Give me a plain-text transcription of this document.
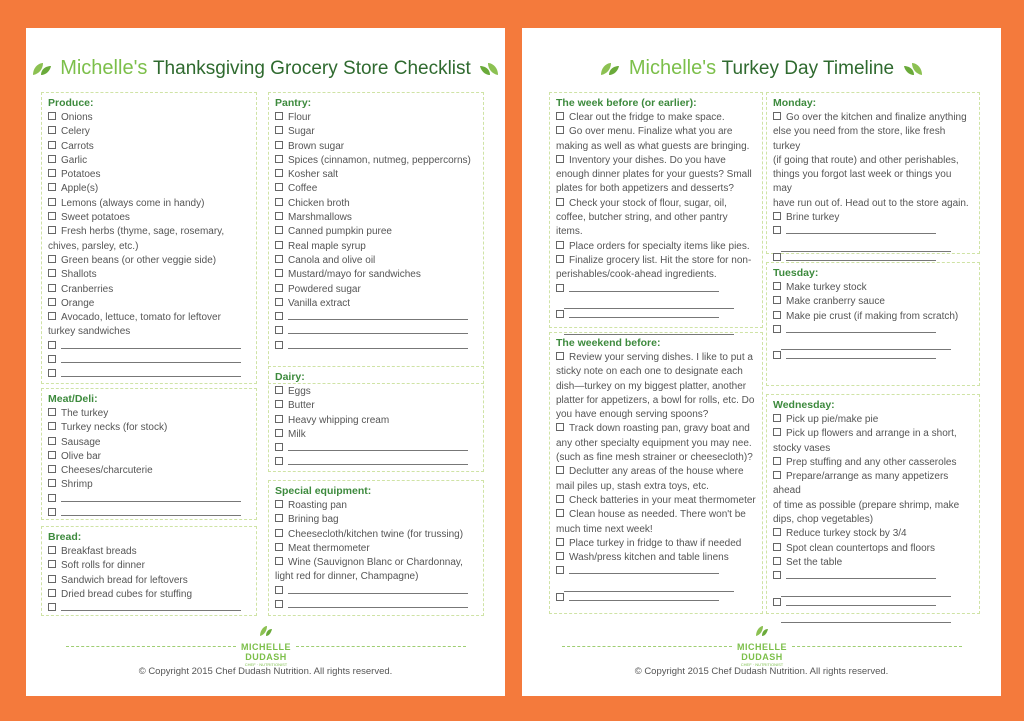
Michelle's Thanksgiving Grocery Store Checklist
Produce:
Onions
Celery
Carrots
Garlic
Potatoes
Apple(s)
Lemons (always come in handy)
Sweet potatoes
Fresh herbs (thyme, sage, rosemary,
chives, parsley, etc.)
Green beans (or other veggie side)
Shallots
Cranberries
Orange
Avocado, lettuce, tomato for leftover
turkey sandwiches
Meat/Deli:
The turkey
Turkey necks (for stock)
Sausage
Olive bar
Cheeses/charcuterie
Shrimp
Bread:
Breakfast breads
Soft rolls for dinner
Sandwich bread for leftovers
Dried bread cubes for stuffing
Pantry:
Flour
Sugar
Brown sugar
Spices (cinnamon, nutmeg, peppercorns)
Kosher salt
Coffee
Chicken broth
Marshmallows
Canned pumpkin puree
Real maple syrup
Canola and olive oil
Mustard/mayo for sandwiches
Powdered sugar
Vanilla extract
Dairy:
Eggs
Butter
Heavy whipping cream
Milk
Special equipment:
Roasting pan
Brining bag
Cheesecloth/kitchen twine (for trussing)
Meat thermometer
Wine (Sauvignon Blanc or Chardonnay,
light red for dinner, Champagne)
MICHELLE DUDASH
CHEF · NUTRITIONIST
© Copyright 2015 Chef Dudash Nutrition. All rights reserved.
Michelle's Turkey Day Timeline
The week before (or earlier):
Clear out the fridge to make space.
Go over menu. Finalize what you are
making as well as what guests are bringing.
Inventory your dishes. Do you have
enough dinner plates for your guests? Small
plates for both appetizers and desserts?
Check your stock of flour, sugar, oil,
coffee, butcher string, and other pantry items.
Place orders for specialty items like pies.
Finalize grocery list. Hit the store for non-
perishables/cook-ahead ingredients.
The weekend before:
Review your serving dishes. I like to put a
sticky note on each one to designate each
dish—turkey on my biggest platter, another
platter for appetizers, a bowl for rolls, etc. Do
you have enough serving spoons?
Track down roasting pan, gravy boat and
any other specialty equipment you may nee.
(such as fine mesh strainer or cheesecloth)?
Declutter any areas of the house where
mail piles up, stash extra toys, etc.
Check batteries in your meat thermometer
Clean house as needed. There won't be
much time next week!
Place turkey in fridge to thaw if needed
Wash/press kitchen and table linens
Monday:
Go over the kitchen and finalize anything
else you need from the store, like fresh turkey
(if going that route) and other perishables,
things you forgot last week or things you may
have run out of. Head out to the store again.
Brine turkey
Tuesday:
Make turkey stock
Make cranberry sauce
Make pie crust (if making from scratch)
Wednesday:
Pick up pie/make pie
Pick up flowers and arrange in a short,
stocky vases
Prep stuffing and any other casseroles
Prepare/arrange as many appetizers ahead
of time as possible (prepare shrimp, make
dips, chop vegetables)
Reduce turkey stock by 3/4
Spot clean countertops and floors
Set the table
MICHELLE DUDASH
CHEF · NUTRITIONIST
© Copyright 2015 Chef Dudash Nutrition. All rights reserved.
